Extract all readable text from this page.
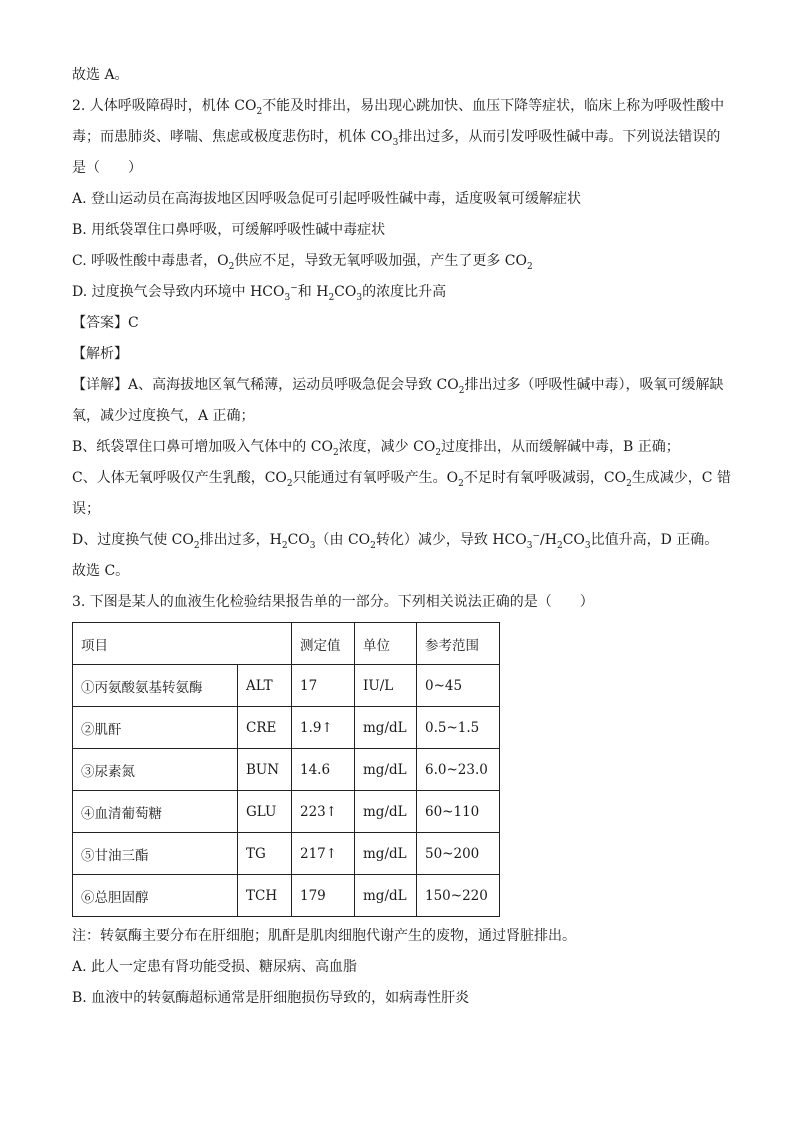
故选 A。
2. 人体呼吸障碍时，机体 $CO_2$不能及时排出，易出现心跳加快、血压下降等症状，临床上称为呼吸性酸中
毒；而患肺炎、哮喘、焦虑或极度悲伤时，机体 $CO_3$排出过多，从而引发呼吸性碱中毒。下列说法错误的
是（　　）
A. 登山运动员在高海拔地区因呼吸急促可引起呼吸性碱中毒，适度吸氧可缓解症状
B. 用纸袋罩住口鼻呼吸，可缓解呼吸性碱中毒症状
C. 呼吸性酸中毒患者，$O_2$供应不足，导致无氧呼吸加强，产生了更多 $CO_2$
D. 过度换气会导致内环境中 $HCO_3^-$和 $H_2CO_3$的浓度比升高
【答案】C
【解析】
【详解】A、高海拔地区氧气稀薄，运动员呼吸急促会导致 $CO_2$排出过多（呼吸性碱中毒），吸氧可缓解缺
氧，减少过度换气，A 正确；
B、纸袋罩住口鼻可增加吸入气体中的 $CO_2$浓度，减少 $CO_2$过度排出，从而缓解碱中毒，B 正确；
C、人体无氧呼吸仅产生乳酸，$CO_2$只能通过有氧呼吸产生。$O_2$不足时有氧呼吸减弱，$CO_2$生成减少，C 错
误；
D、过度换气使 $CO_2$排出过多，$H_2CO_3$（由 $CO_2$转化）减少，导致 $HCO_3^-/H_2CO_3$比值升高，D 正确。
故选 C。
3. 下图是某人的血液生化检验结果报告单的一部分。下列相关说法正确的是（　　）
项目		测定值	单位	参考范围
①丙氨酸氨基转氨酶	ALT	17	IU/L	0~45
②肌酐	CRE	1.9↑	mg/dL	0.5~1.5
③尿素氮	BUN	14.6	mg/dL	6.0~23.0
④血清葡萄糖	GLU	223↑	mg/dL	60~110
⑤甘油三酯	TG	217↑	mg/dL	50~200
⑥总胆固醇	TCH	179	mg/dL	150~220
注：转氨酶主要分布在肝细胞；肌酐是肌肉细胞代谢产生的废物，通过肾脏排出。
A. 此人一定患有肾功能受损、糖尿病、高血脂
B. 血液中的转氨酶超标通常是肝细胞损伤导致的，如病毒性肝炎
